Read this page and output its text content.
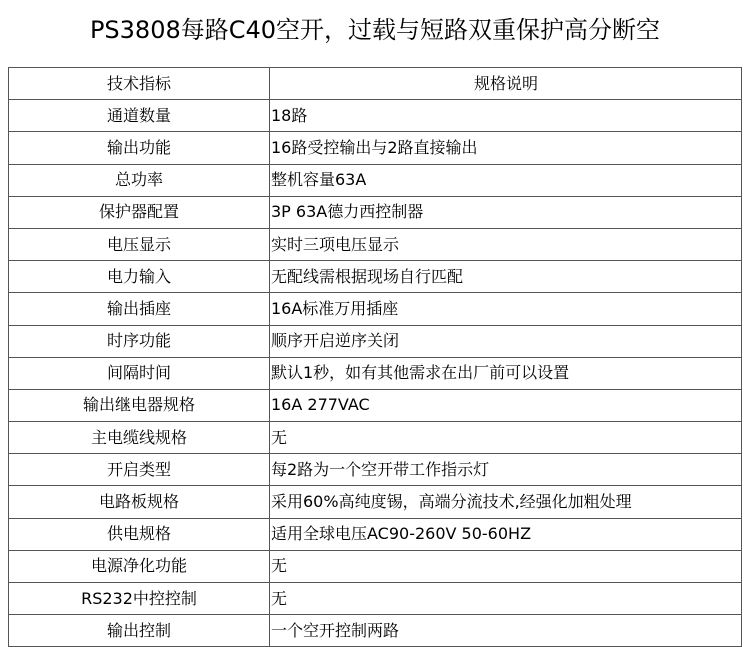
PS3808每路C40空开，过载与短路双重保护高分断空
技术指标	规格说明
通道数量	18路
输出功能	16路受控输出与2路直接输出
总功率	整机容量63A
保护器配置	3P 63A德力西控制器
电压显示	实时三项电压显示
电力输入	无配线需根据现场自行匹配
输出插座	16A标准万用插座
时序功能	顺序开启逆序关闭
间隔时间	默认1秒，如有其他需求在出厂前可以设置
输出继电器规格	16A 277VAC
主电缆线规格	无
开启类型	每2路为一个空开带工作指示灯
电路板规格	采用60%高纯度锡，高端分流技术,经强化加粗处理
供电规格	适用全球电压AC90-260V 50-60HZ
电源净化功能	无
RS232中控控制	无
输出控制	一个空开控制两路
